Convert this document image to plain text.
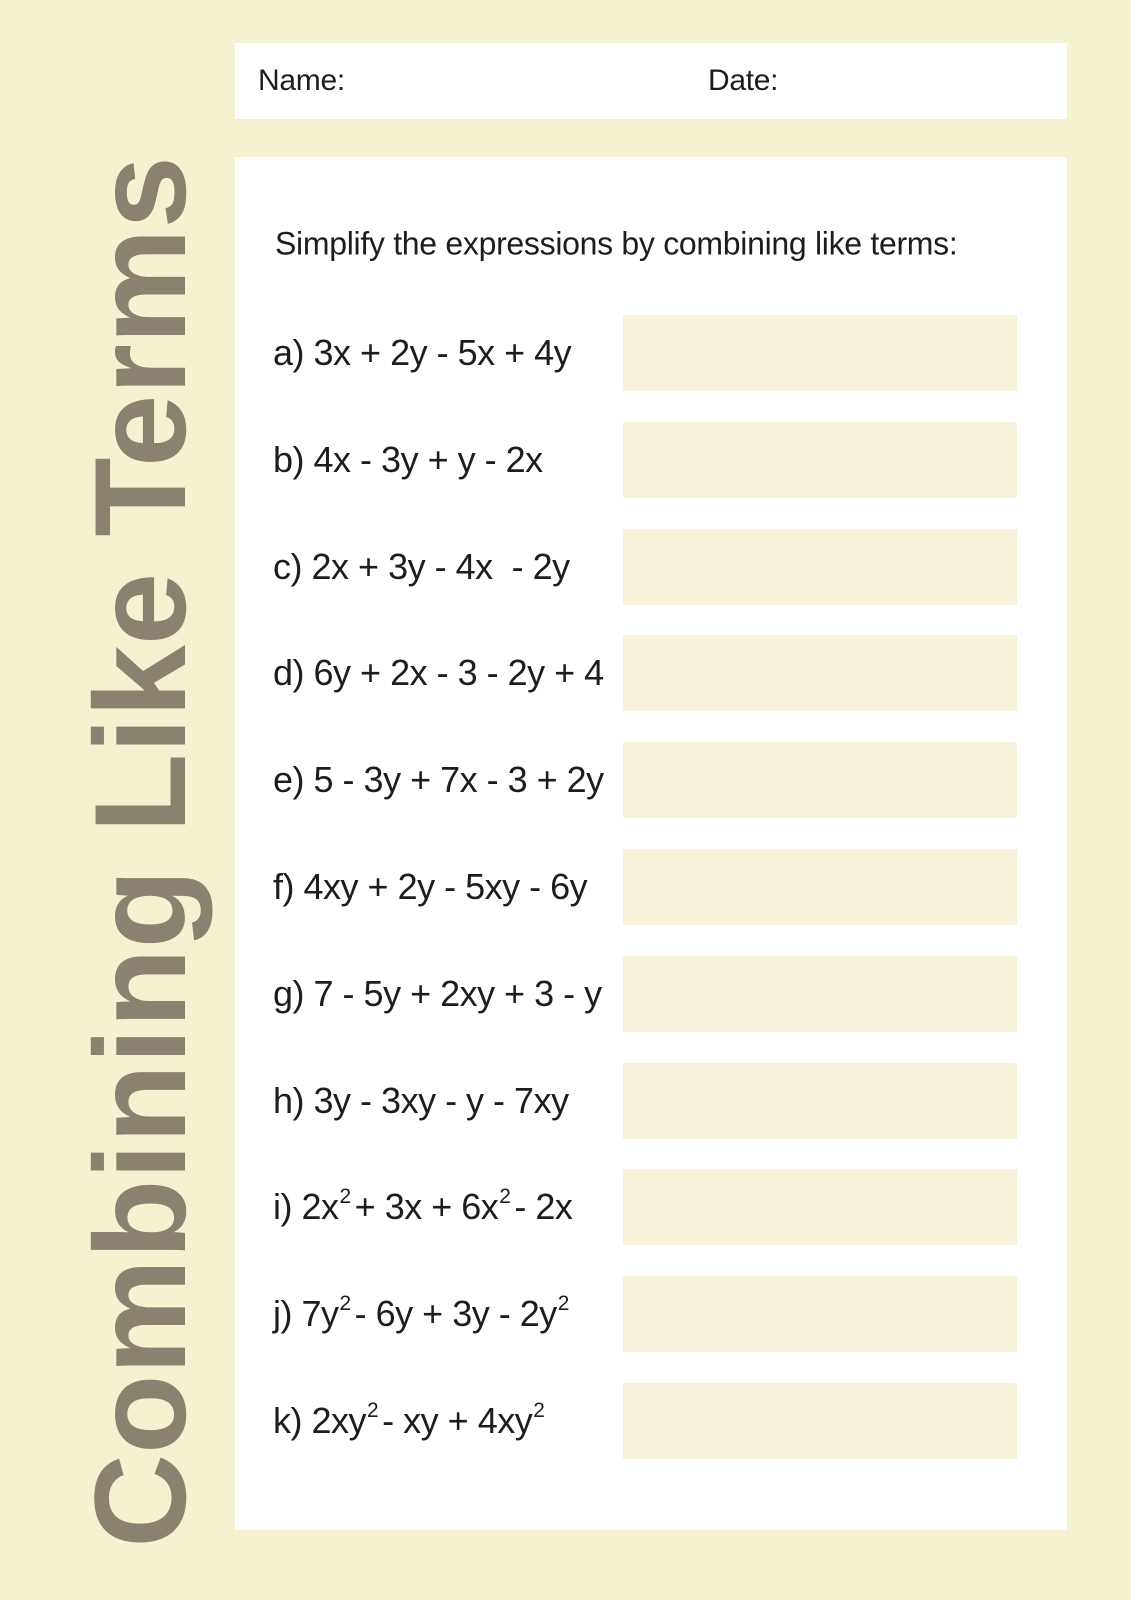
Combining Like Terms
Name:	Date:
Simplify the expressions by combining like terms:
a) 3x + 2y - 5x + 4y
b) 4x - 3y + y - 2x
c) 2x + 3y - 4x  - 2y
d) 6y + 2x - 3 - 2y + 4
e) 5 - 3y + 7x - 3 + 2y
f) 4xy + 2y - 5xy - 6y
g) 7 - 5y + 2xy + 3 - y
h) 3y - 3xy - y - 7xy
i) $2x^2 + 3x + 6x^2 - 2x$
j) $7y^2 - 6y + 3y - 2y^2$
k) $2xy^2$ - xy + $4xy^2$
